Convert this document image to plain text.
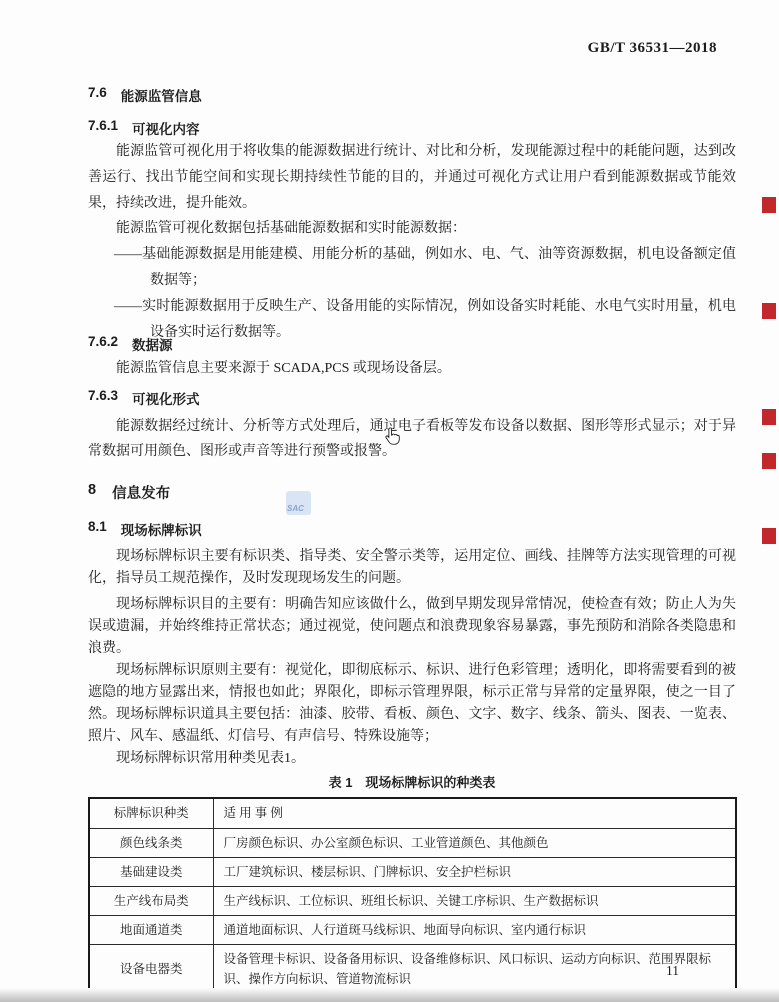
GB/T 36531—2018
7.6 能源监管信息
7.6.1 可视化内容

能源监管可视化用于将收集的能源数据进行统计、对比和分析，发现能源过程中的耗能问题，达到改善运行、找出节能空间和实现长期持续性节能的目的，并通过可视化方式让用户看到能源数据或节能效果，持续改进，提升能效。

能源监管可视化数据包括基础能源数据和实时能源数据：

——基础能源数据是用能建模、用能分析的基础，例如水、电、气、油等资源数据，机电设备额定值数据等；

——实时能源数据用于反映生产、设备用能的实际情况，例如设备实时耗能、水电气实时用量，机电设备实时运行数据等。

7.6.2 数据源

能源监管信息主要来源于 SCADA,PCS 或现场设备层。

7.6.3 可视化形式

能源数据经过统计、分析等方式处理后，通过电子看板等发布设备以数据、图形等形式显示；对于异常数据可用颜色、图形或声音等进行预警或报警。

8 信息发布
8.1 现场标牌标识

现场标牌标识主要有标识类、指导类、安全警示类等，运用定位、画线、挂牌等方法实现管理的可视化，指导员工规范操作，及时发现现场发生的问题。

现场标牌标识目的主要有：明确告知应该做什么，做到早期发现异常情况，使检查有效；防止人为失误或遗漏，并始终维持正常状态；通过视觉，使问题点和浪费现象容易暴露，事先预防和消除各类隐患和浪费。

现场标牌标识原则主要有：视觉化，即彻底标示、标识、进行色彩管理；透明化，即将需要看到的被遮隐的地方显露出来，情报也如此；界限化，即标示管理界限，标示正常与异常的定量界限，使之一目了然。 现场标牌标识道具主要包括：油漆、胶带、看板、颜色、文字、数字、线条、箭头、图表、一览表、照片、风车、感温纸、灯信号、有声信号、特殊设施等；

现场标牌标识常用种类见表1。

表 1　现场标牌标识的种类表
标牌标识种类	适 用 事 例
颜色线条类	厂房颜色标识、办公室颜色标识、工业管道颜色、其他颜色
基础建设类	工厂建筑标识、楼层标识、门牌标识、安全护栏标识
生产线布局类	生产线标识、工位标识、班组长标识、关键工序标识、生产数据标识
地面通道类	通道地面标识、人行道斑马线标识、地面导向标识、室内通行标识
设备电器类	设备管理卡标识、设备备用标识、设备维修标识、风口标识、运动方向标识、范围界限标识、操作方向标识、管道物流标识
SAC
11
